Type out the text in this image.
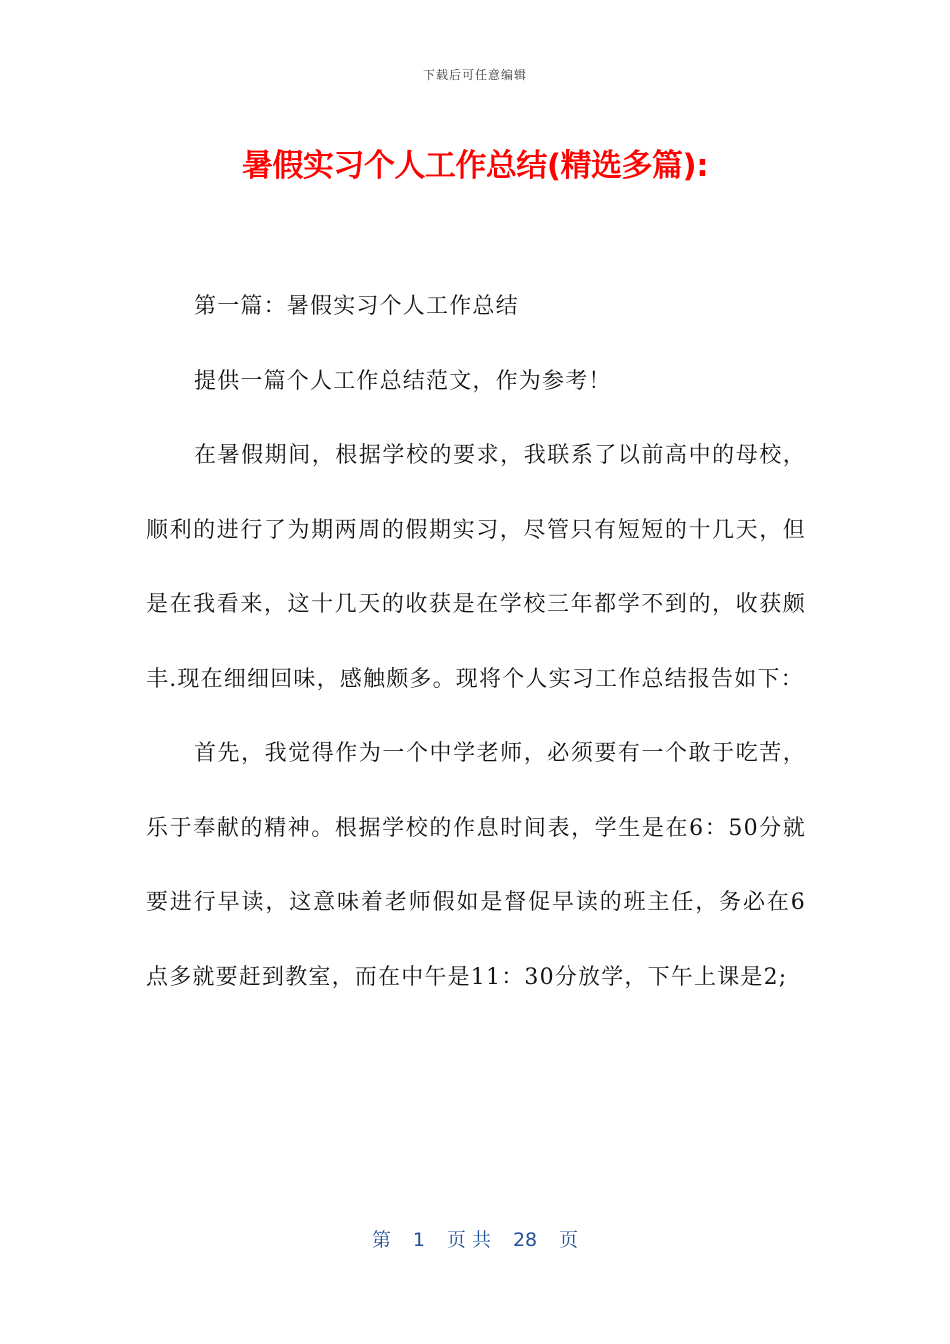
下载后可任意编辑
暑假实习个人工作总结(精选多篇):

第一篇：暑假实习个人工作总结

提供一篇个人工作总结范文，作为参考！

在暑假期间，根据学校的要求，我联系了以前高中的母校，顺利的进行了为期两周的假期实习，尽管只有短短的十几天，但是在我看来，这十几天的收获是在学校三年都学不到的，收获颇丰.现在细细回味，感触颇多。现将个人实习工作总结报告如下：

首先，我觉得作为一个中学老师，必须要有一个敢于吃苦，乐于奉献的精神。根据学校的作息时间表，学生是在6：50分就要进行早读，这意味着老师假如是督促早读的班主任，务必在6点多就要赶到教室，而在中午是11：30分放学，下午上课是2;

第 1 页 共 28 页
